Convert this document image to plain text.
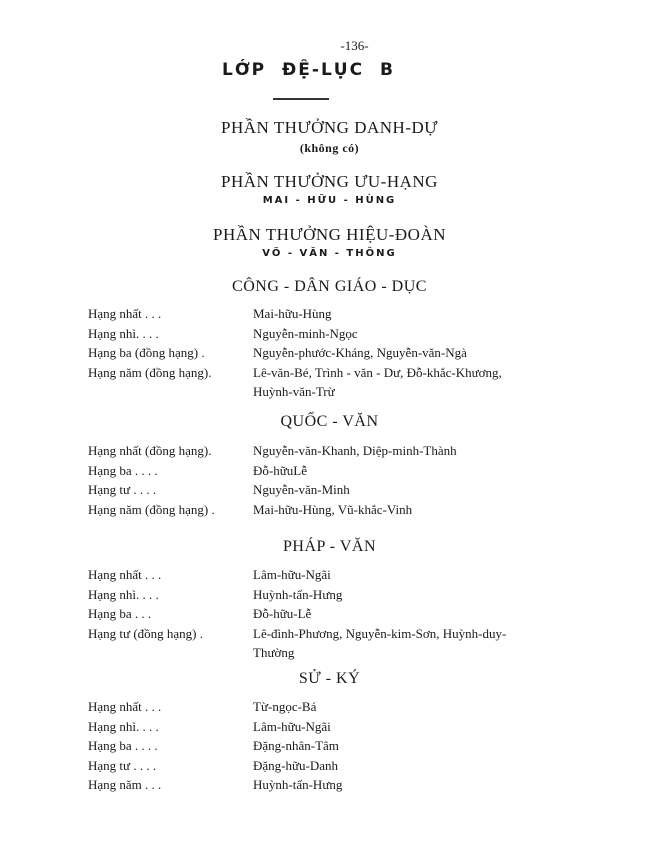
-136-
LỚP ĐỆ-LỤC B
PHẦN THƯỞNG DANH-DỰ
(không có)
PHẦN THƯỞNG ƯU-HẠNG
MAI - HỮU - HÙNG
PHẦN THƯỞNG HIỆU-ĐOÀN
VÕ - VĂN - THÔNG
CÔNG - DÂN GIÁO - DỤC
Hạng nhất . . .	Mai-hữu-Hùng
Hạng nhì. . . .	Nguyễn-minh-Ngọc
Hạng ba (đồng hạng) .	Nguyễn-phước-Kháng, Nguyễn-văn-Ngà
Hạng năm (đồng hạng).	Lê-văn-Bé, Trình - văn - Dư, Đỗ-khắc-Khương, Huỳnh-văn-Trừ
QUỐC - VĂN
Hạng nhất (đồng hạng).	Nguyễn-văn-Khanh, Diệp-minh-Thành
Hạng ba . . . .	Đỗ-hữuLễ
Hạng tư . . . .	Nguyễn-văn-Minh
Hạng năm (đồng hạng) .	Mai-hữu-Hùng, Vũ-khắc-Vinh
PHÁP - VĂN
Hạng nhất . . .	Lâm-hữu-Ngãi
Hạng nhì. . . .	Huỳnh-tấn-Hưng
Hạng ba . . .	Đỗ-hữu-Lễ
Hạng tư (đồng hạng) .	Lê-đình-Phương, Nguyễn-kim-Sơn, Huỳnh-duy-Thường
SỬ - KÝ
Hạng nhất . . .	Từ-ngọc-Bá
Hạng nhì. . . .	Lâm-hữu-Ngãi
Hạng ba . . . .	Đặng-nhân-Tâm
Hạng tư . . . .	Đặng-hữu-Danh
Hạng năm . . .	Huỳnh-tấn-Hưng
